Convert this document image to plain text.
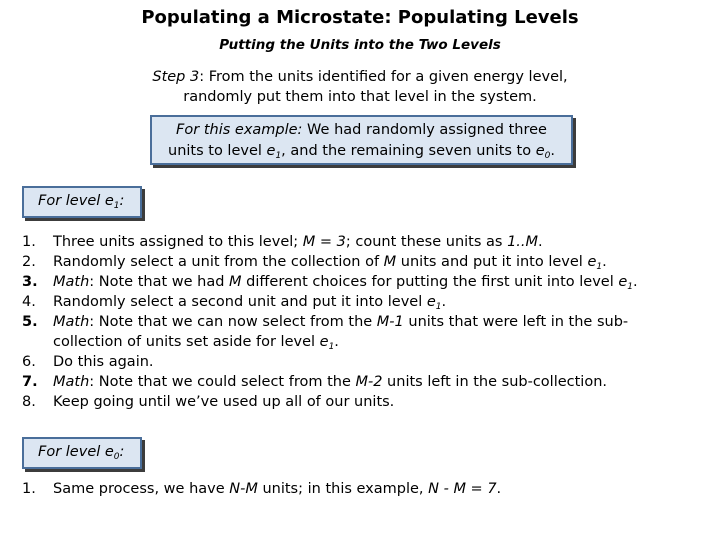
Populating a Microstate: Populating Levels
Putting the Units into the Two Levels
Step 3: From the units identified for a given energy level,
randomly put them into that level in the system.
For this example: We had randomly assigned three
units to level $e_1$, and the remaining seven units to $e_0$.
For level $e_1$:
1.	Three units assigned to this level; M = 3; count these units as 1..M.
2.	Randomly select a unit from the collection of M units and put it into level $e_1$.
3.	Math: Note that we had M different choices for putting the first unit into level $e_1$.
4.	Randomly select a second unit and put it into level $e_1$.
5.	Math: Note that we can now select from the M-1 units that were left in the sub-
collection of units set aside for level $e_1$.
6.	Do this again.
7.	Math: Note that we could select from the M-2 units left in the sub-collection.
8.	Keep going until we’ve used up all of our units.
For level $e_0$:
1.	Same process, we have N-M units; in this example, N - M = 7.
